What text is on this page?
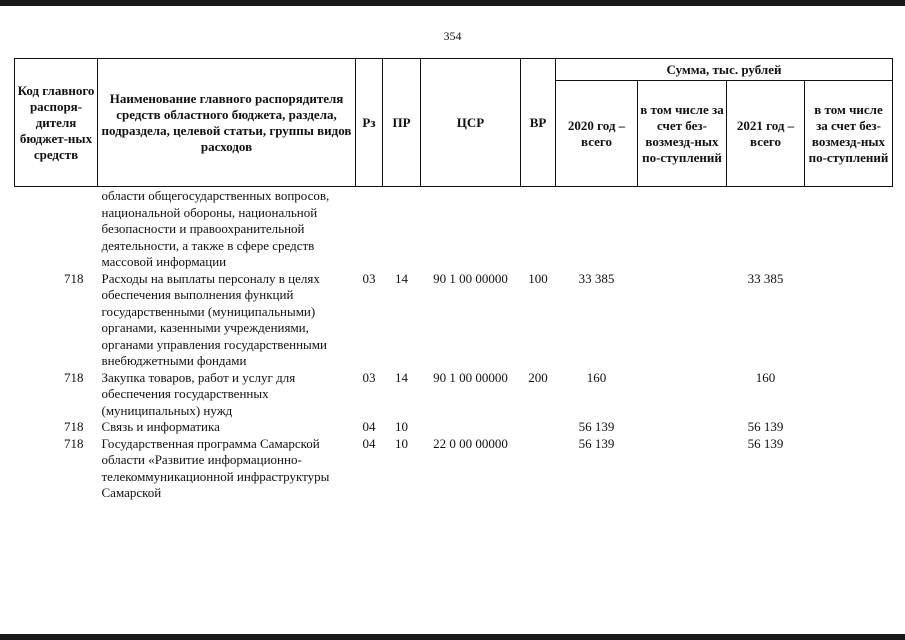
354
Код главного распоря-дителя бюджет-ных средств	Наименование главного распорядителя средств областного бюджета, раздела, подраздела, целевой статьи, группы видов расходов	Рз	ПР	ЦСР	ВР	Сумма, тыс. рублей			
						2020 год – всего	в том числе за счет без-возмезд-ных по-ступлений	2021 год – всего	в том числе за счет без-возмезд-ных по-ступлений
	области общегосударственных вопросов, национальной обороны, национальной безопасности и правоохранительной деятельности, а также в сфере средств массовой информации								
718	Расходы на выплаты персоналу в целях обеспечения выполнения функций государственными (муниципальными) органами, казенными учреждениями, органами управления государственными внебюджетными фондами	03	14	90 1 00 00000	100	33 385		33 385	
718	Закупка товаров, работ и услуг для обеспечения государственных (муниципальных) нужд	03	14	90 1 00 00000	200	160		160	
718	Связь и информатика	04	10			56 139		56 139	
718	Государственная программа Самарской области «Развитие информационно-телекоммуникационной инфраструктуры Самарской	04	10	22 0 00 00000		56 139		56 139	
